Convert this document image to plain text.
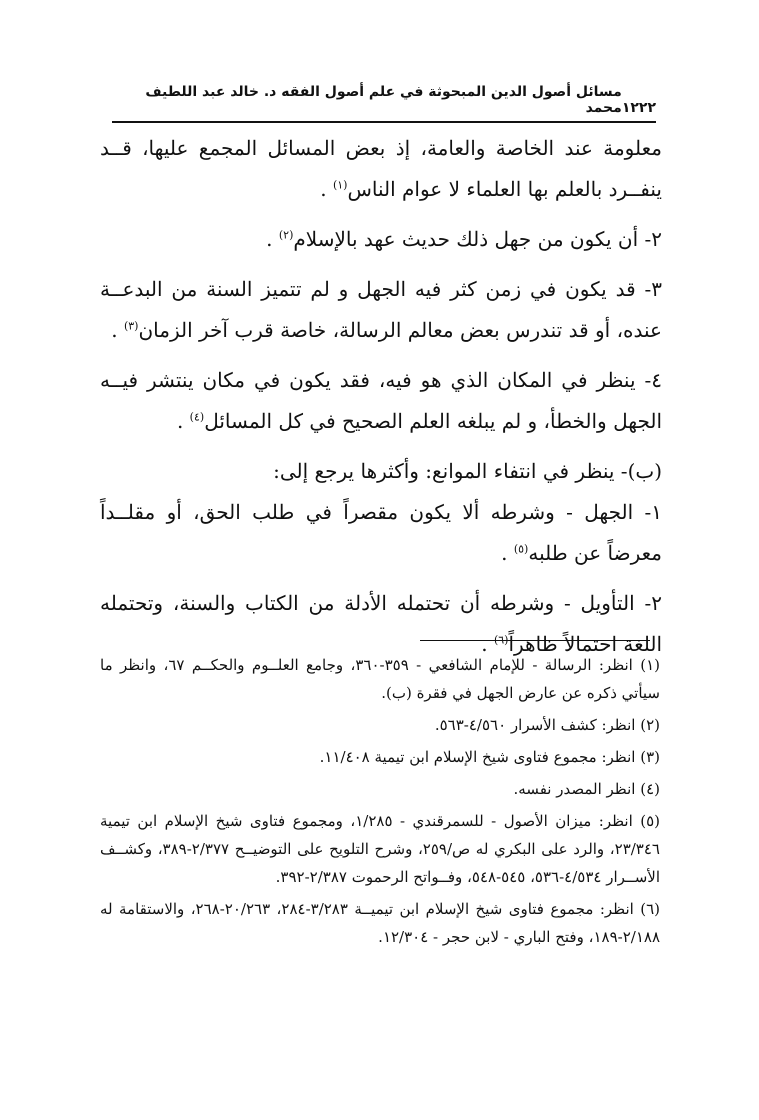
١٢٢٢
مسائل أصول الدين المبحوثة في علم أصول الفقه د. خالد عبد اللطيف محمد

معلومة عند الخاصة والعامة، إذ بعض المسائل المجمع عليها، قــد ينفــرد بالعلم بها العلماء لا عوام الناس$^{(١)}$ .

٢- أن يكون من جهل ذلك حديث عهد بالإسلام$^{(٢)}$ .

٣- قد يكون في زمن كثر فيه الجهل و لم تتميز السنة من البدعــة عنده، أو قد تندرس بعض معالم الرسالة، خاصة قرب آخر الزمان$^{(٣)}$ .

٤- ينظر في المكان الذي هو فيه، فقد يكون في مكان ينتشر فيــه الجهل والخطأ، و لم يبلغه العلم الصحيح في كل المسائل$^{(٤)}$ .

(ب)- ينظر في انتفاء الموانع: وأكثرها يرجع إلى:

١- الجهل - وشرطه ألا يكون مقصراً في طلب الحق، أو مقلــداً معرضاً عن طلبه$^{(٥)}$ .

٢- التأويل - وشرطه أن تحتمله الأدلة من الكتاب والسنة، وتحتمله اللغة احتمالاً ظاهراً$^{(٦)}$ .

(١) انظر: الرسالة - للإمام الشافعي - ٣٥٩-٣٦٠، وجامع العلــوم والحكــم ٦٧، وانظر ما سيأتي ذكره عن عارض الجهل في فقرة (ب).

(٢) انظر: كشف الأسرار ٤/٥٦٠-٥٦٣.

(٣) انظر: مجموع فتاوى شيخ الإسلام ابن تيمية ١١/٤٠٨.

(٤) انظر المصدر نفسه.

(٥) انظر: ميزان الأصول - للسمرقندي - ١/٢٨٥، ومجموع فتاوى شيخ الإسلام ابن تيمية ٢٣/٣٤٦، والرد على البكري له ص/٢٥٩، وشرح التلويح على التوضيــح ٢/٣٧٧-٣٨٩، وكشــف الأســرار ٤/٥٣٤-٥٣٦، ٥٤٥-٥٤٨، وفــواتح الرحموت ٢/٣٨٧-٣٩٢.

(٦) انظر: مجموع فتاوى شيخ الإسلام ابن تيميــة ٣/٢٨٣-٢٨٤، ٢٠/٢٦٣-٢٦٨، والاستقامة له ٢/١٨٨-١٨٩، وفتح الباري - لابن حجر - ١٢/٣٠٤.
